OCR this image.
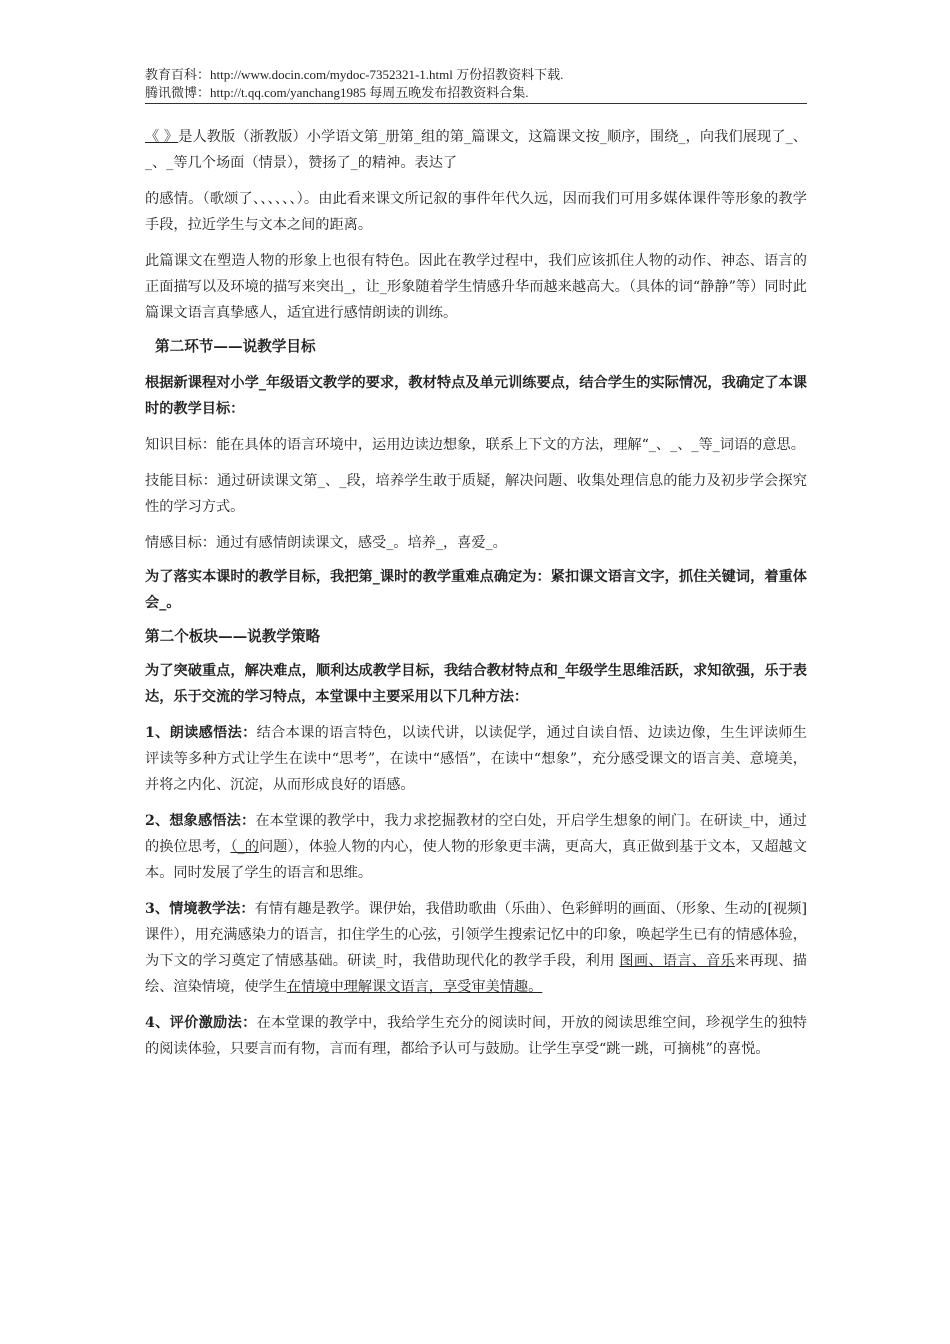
教育百科：http://www.docin.com/mydoc-7352321-1.html 万份招教资料下载.
腾讯微博：http://t.qq.com/yanchang1985 每周五晚发布招教资料合集.

《 》是人教版（浙教版）小学语文第_册第_组的第_篇课文，这篇课文按_顺序，围绕_，向我们展现了_、_、_等几个场面（情景），赞扬了_的精神。表达了

的感情。（歌颂了、、、、、、）。由此看来课文所记叙的事件年代久远，因而我们可用多媒体课件等形象的教学手段，拉近学生与文本之间的距离。

此篇课文在塑造人物的形象上也很有特色。因此在教学过程中，我们应该抓住人物的动作、神态、语言的正面描写以及环境的描写来突出_，让_形象随着学生情感升华而越来越高大。（具体的词“静静”等）同时此篇课文语言真挚感人，适宜进行感情朗读的训练。

第二环节——说教学目标

根据新课程对小学_年级语文教学的要求，教材特点及单元训练要点，结合学生的实际情况，我确定了本课时的教学目标：

知识目标：能在具体的语言环境中，运用边读边想象，联系上下文的方法，理解“_、_、_等_词语的意思。

技能目标：通过研读课文第_、_段，培养学生敢于质疑，解决问题、收集处理信息的能力及初步学会探究性的学习方式。

情感目标：通过有感情朗读课文，感受_。培养_，喜爱_。

为了落实本课时的教学目标，我把第_课时的教学重难点确定为：紧扣课文语言文字，抓住关键词，着重体会_。

第二个板块——说教学策略

为了突破重点，解决难点，顺利达成教学目标，我结合教材特点和_年级学生思维活跃，求知欲强，乐于表达，乐于交流的学习特点，本堂课中主要采用以下几种方法：

1、朗读感悟法：结合本课的语言特色，以读代讲，以读促学，通过自读自悟、边读边像，生生评读师生评读等多种方式让学生在读中“思考”，在读中“感悟”，在读中“想象”，充分感受课文的语言美、意境美，并将之内化、沉淀，从而形成良好的语感。

2、想象感悟法：在本堂课的教学中，我力求挖掘教材的空白处，开启学生想象的闸门。在研读_中，通过的换位思考，（_的问题），体验人物的内心，使人物的形象更丰满，更高大，真正做到基于文本，又超越文本。同时发展了学生的语言和思维。

3、情境教学法：有情有趣是教学。课伊始，我借助歌曲（乐曲）、色彩鲜明的画面、（形象、生动的[视频]课件），用充满感染力的语言，扣住学生的心弦，引领学生搜索记忆中的印象，唤起学生已有的情感体验，为下文的学习奠定了情感基础。研读_时，我借助现代化的教学手段，利用 图画、语言、音乐来再现、描绘、渲染情境，使学生在情境中理解课文语言，享受审美情趣。

4、评价激励法：在本堂课的教学中，我给学生充分的阅读时间，开放的阅读思维空间，珍视学生的独特的阅读体验，只要言而有物，言而有理，都给予认可与鼓励。让学生享受“跳一跳，可摘桃”的喜悦。
